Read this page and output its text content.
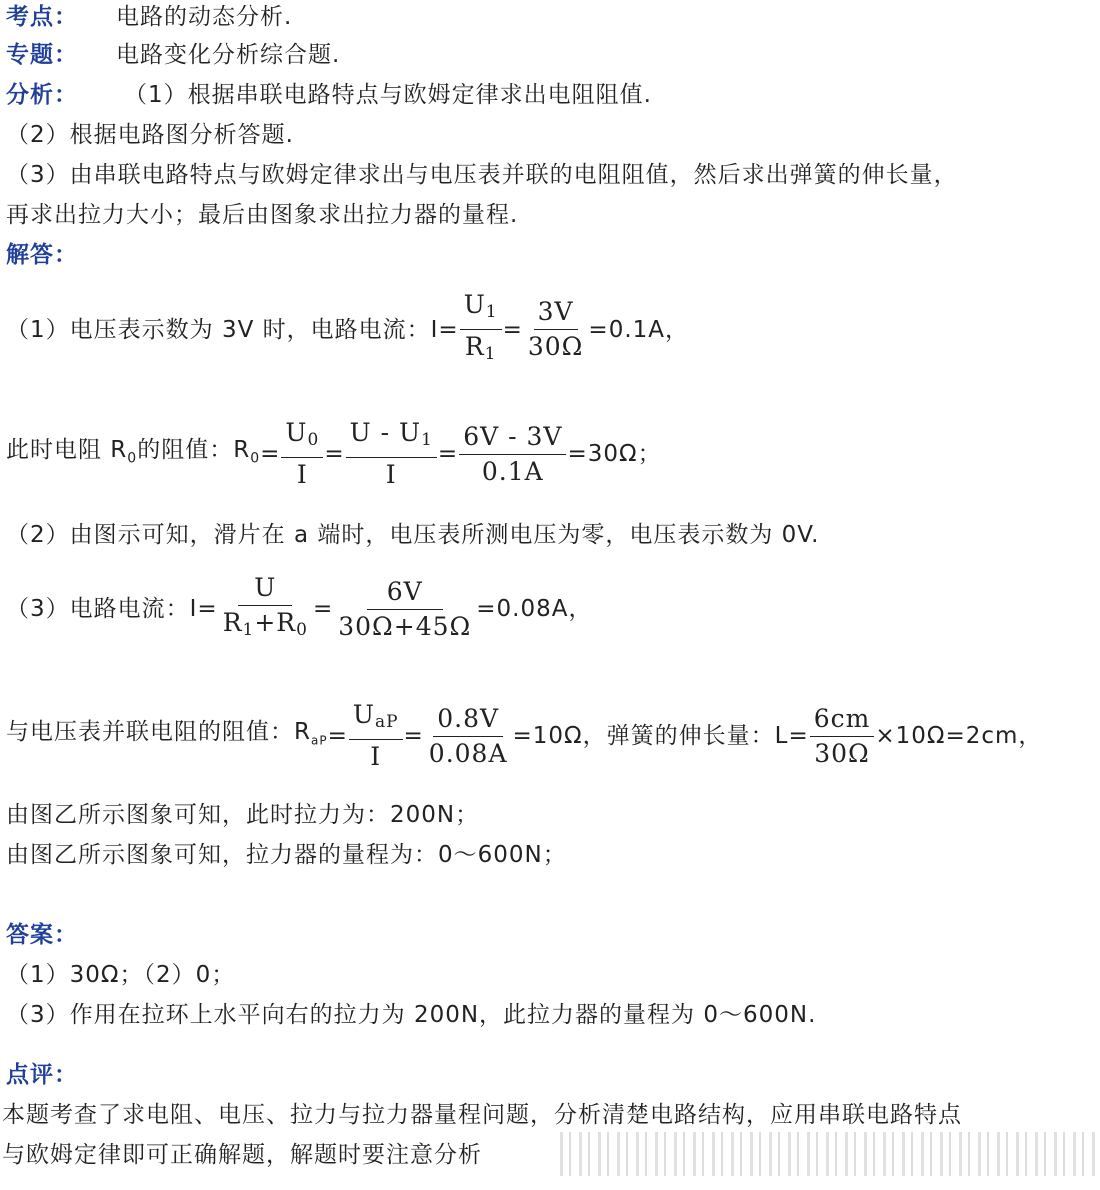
考点： 电路的动态分析.
专题： 电路变化分析综合题.
分析： （1）根据串联电路特点与欧姆定律求出电阻阻值.
（2）根据电路图分析答题.
（3）由串联电路特点与欧姆定律求出与电压表并联的电阻阻值，然后求出弹簧的伸长量，
再求出拉力大小；最后由图象求出拉力器的量程.
解答：
（1）电压表示数为 3V 时，电路电流：$I= \frac{U_1}{R_1} = \frac{3V}{30\Omega} =0.1A$，
此时电阻 $R_0$的阻值：$R_0= \frac{U_0}{I} = \frac{U - U_1}{I} = \frac{6V - 3V}{0.1A} =30\Omega$；
（2）由图示可知，滑片在 a 端时，电压表所测电压为零，电压表示数为 0V.
（3）电路电流：$I= \frac{U}{R_1+R_0} = \frac{6V}{30\Omega+45\Omega} =0.08A$，
与电压表并联电阻的阻值：$R_{aP}= \frac{U_{aP}}{I} = \frac{0.8V}{0.08A} =10\Omega$，弹簧的伸长量：$L= \frac{6cm}{30\Omega} \times 10\Omega=2cm$，
由图乙所示图象可知，此时拉力为：200N；
由图乙所示图象可知，拉力器的量程为：0～600N；
答案：
（1）30Ω；（2）0；
（3）作用在拉环上水平向右的拉力为 200N，此拉力器的量程为 0～600N.
点评：
本题考查了求电阻、电压、拉力与拉力器量程问题，分析清楚电路结构，应用串联电路特点
与欧姆定律即可正确解题，解题时要注意分析
